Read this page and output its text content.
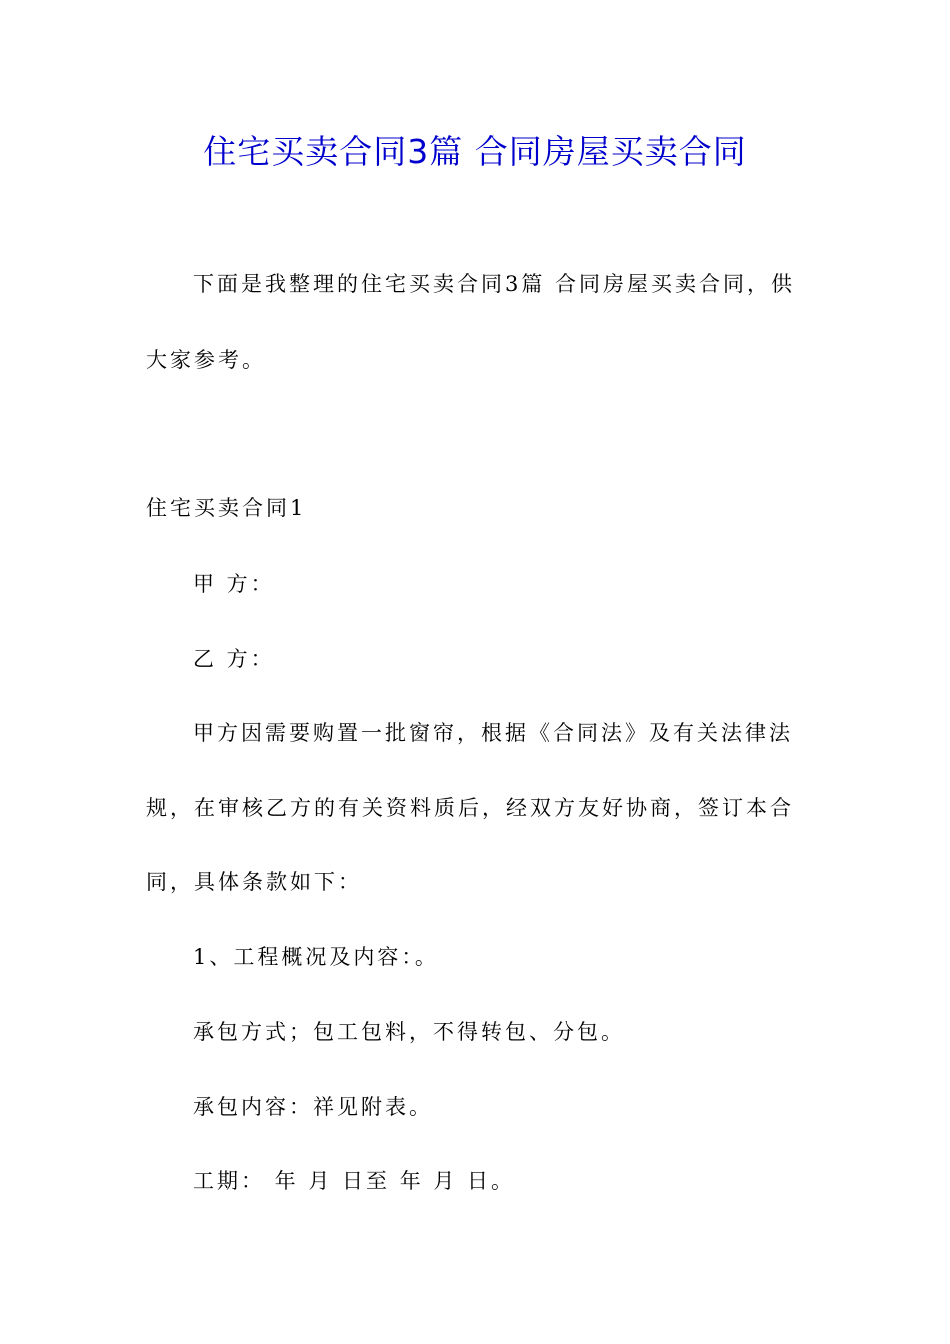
住宅买卖合同3篇 合同房屋买卖合同
下面是我整理的住宅买卖合同3篇 合同房屋买卖合同，供
大家参考。
住宅买卖合同1
甲 方：
乙 方：
甲方因需要购置一批窗帘，根据《合同法》及有关法律法
规，在审核乙方的有关资料质后，经双方友好协商，签订本合
同，具体条款如下：
1、工程概况及内容：。
承包方式；包工包料，不得转包、分包。
承包内容：祥见附表。
工期： 年 月 日至 年 月 日。
